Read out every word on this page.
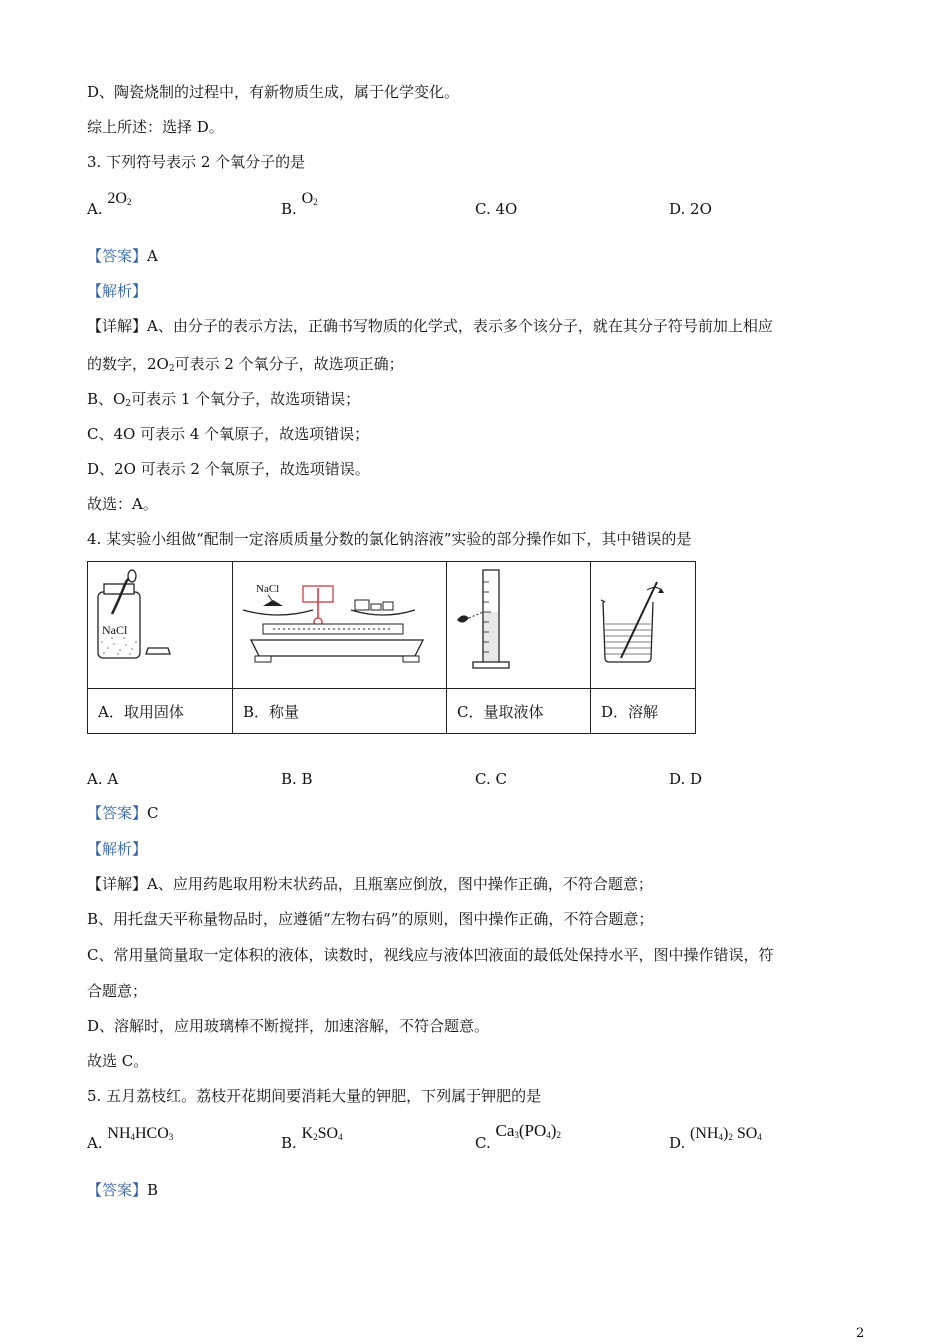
D、陶瓷烧制的过程中，有新物质生成，属于化学变化。
综上所述：选择 D。
3. 下列符号表示 2 个氧分子的是
A. $2O_2$	B. $O_2$	C. 4O	D. 2O
【答案】A
【解析】
【详解】A、由分子的表示方法，正确书写物质的化学式，表示多个该分子，就在其分子符号前加上相应
的数字，$2O_2$可表示 2 个氧分子，故选项正确；
B、$O_2$可表示 1 个氧分子，故选项错误；
C、4O 可表示 4 个氧原子，故选项错误；
D、2O 可表示 2 个氧原子，故选项错误。
故选：A。
4. 某实验小组做“配制一定溶质质量分数的氯化钠溶液”实验的部分操作如下，其中错误的是
NaCl	NaCl

A．取用固体	B．称量	C．量取液体	D．溶解
A. A	B. B	C. C	D. D
【答案】C
【解析】
【详解】A、应用药匙取用粉末状药品，且瓶塞应倒放，图中操作正确，不符合题意；
B、用托盘天平称量物品时，应遵循“左物右码”的原则，图中操作正确，不符合题意；
C、常用量筒量取一定体积的液体，读数时，视线应与液体凹液面的最低处保持水平，图中操作错误，符
合题意；
D、溶解时，应用玻璃棒不断搅拌，加速溶解，不符合题意。
故选 C。
5. 五月荔枝红。荔枝开花期间要消耗大量的钾肥，下列属于钾肥的是
A. $NH_4HCO_3$	B. $K_2SO_4$	C. $Ca_3(PO_4)_2$	D. $(NH_4)_2$ $SO_4$
【答案】B
2
